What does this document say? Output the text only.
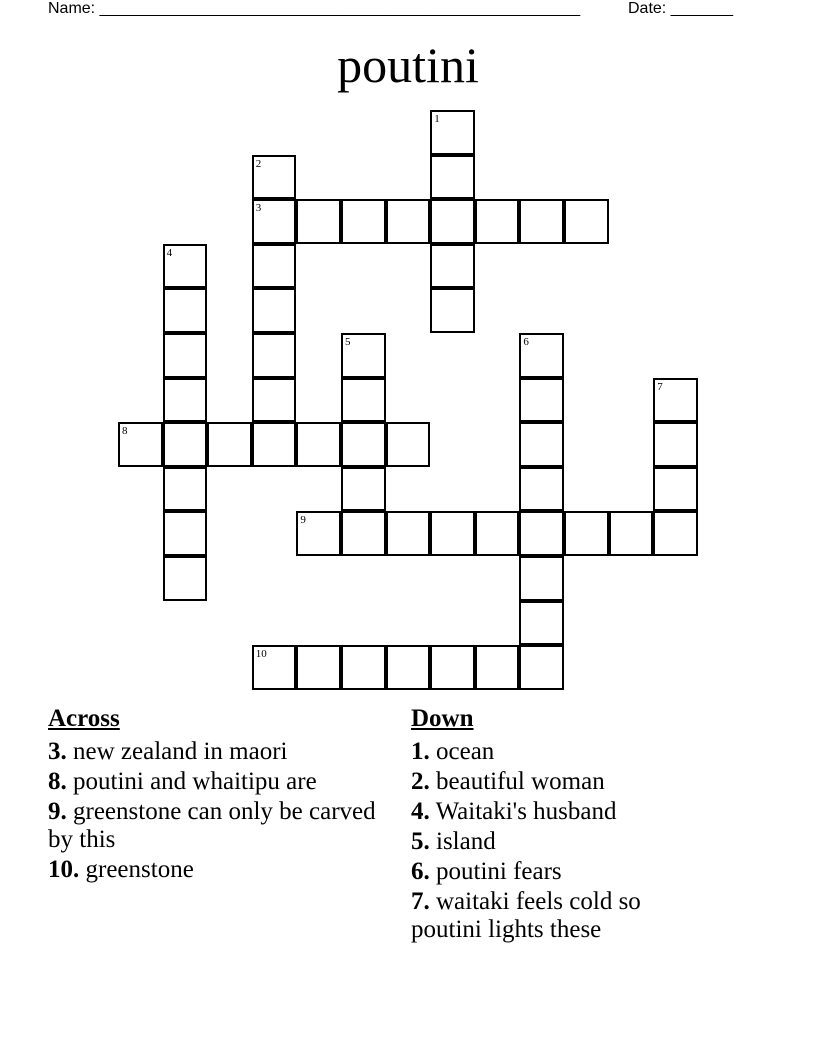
Name: ______________________________________________________	Date: _______
poutini
1
2
3
4
5	6
7
8
9
10
Across
3. new zealand in maori
8. poutini and whaitipu are
9. greenstone can only be carved by this
10. greenstone
Down
1. ocean
2. beautiful woman
4. Waitaki's husband
5. island
6. poutini fears
7. waitaki feels cold so poutini lights these
